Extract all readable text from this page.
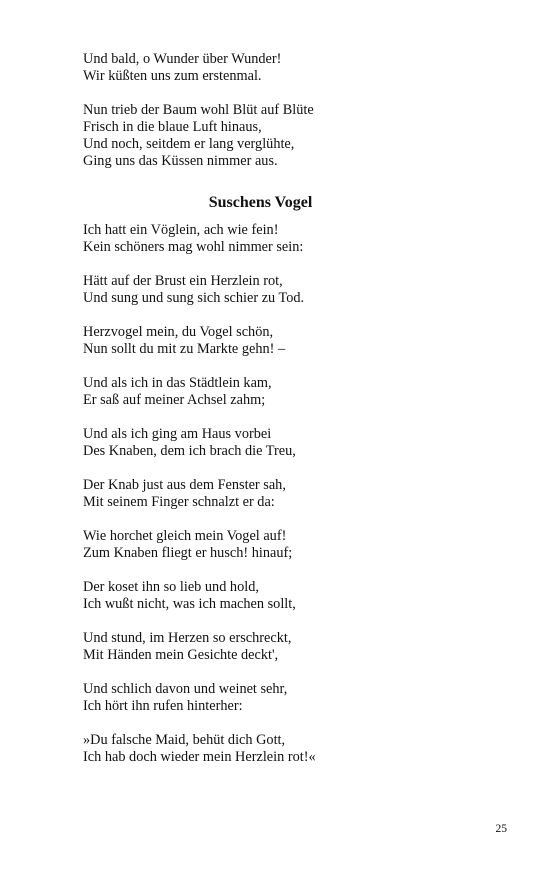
Und bald, o Wunder über Wunder!
Wir küßten uns zum erstenmal.
Nun trieb der Baum wohl Blüt auf Blüte
Frisch in die blaue Luft hinaus,
Und noch, seitdem er lang verglühte,
Ging uns das Küssen nimmer aus.
Suschens Vogel
Ich hatt ein Vöglein, ach wie fein!
Kein schöners mag wohl nimmer sein:
Hätt auf der Brust ein Herzlein rot,
Und sung und sung sich schier zu Tod.
Herzvogel mein, du Vogel schön,
Nun sollt du mit zu Markte gehn! –
Und als ich in das Städtlein kam,
Er saß auf meiner Achsel zahm;
Und als ich ging am Haus vorbei
Des Knaben, dem ich brach die Treu,
Der Knab just aus dem Fenster sah,
Mit seinem Finger schnalzt er da:
Wie horchet gleich mein Vogel auf!
Zum Knaben fliegt er husch! hinauf;
Der koset ihn so lieb und hold,
Ich wußt nicht, was ich machen sollt,
Und stund, im Herzen so erschreckt,
Mit Händen mein Gesichte deckt',
Und schlich davon und weinet sehr,
Ich hört ihn rufen hinterher:
»Du falsche Maid, behüt dich Gott,
Ich hab doch wieder mein Herzlein rot!«
25
